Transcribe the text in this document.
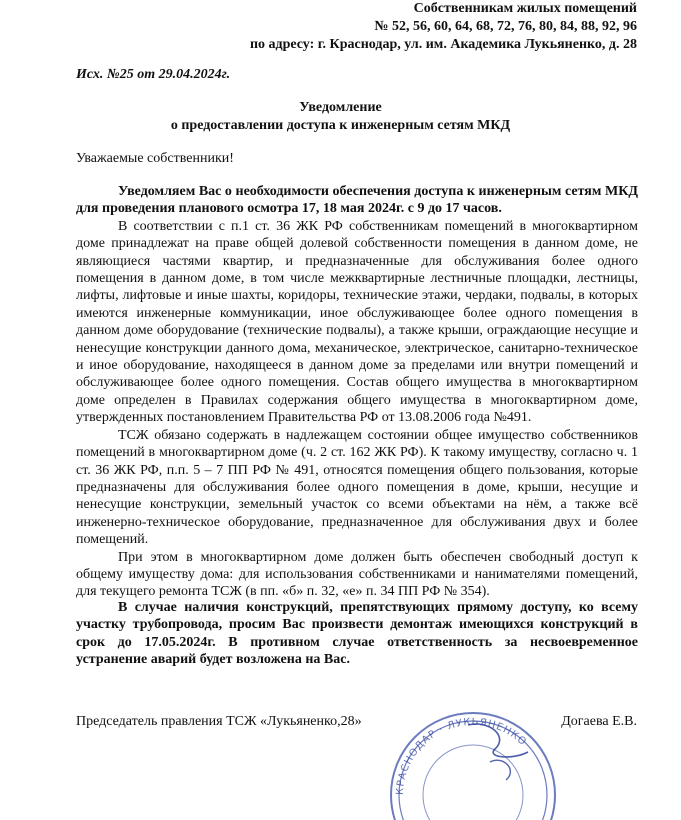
Собственникам жилых помещений
№ 52, 56, 60, 64, 68, 72, 76, 80, 84, 88, 92, 96
по адресу: г. Краснодар, ул. им. Академика Лукьяненко, д. 28
Исх. №25 от 29.04.2024г.
Уведомление
о предоставлении доступа к инженерным сетям МКД
Уважаемые собственники!

Уведомляем Вас о необходимости обеспечения доступа к инженерным сетям МКД для проведения планового осмотра 17, 18 мая 2024г. с 9 до 17 часов.

В соответствии с п.1 ст. 36 ЖК РФ собственникам помещений в многоквартирном доме принадлежат на праве общей долевой собственности помещения в данном доме, не являющиеся частями квартир, и предназначенные для обслуживания более одного помещения в данном доме, в том числе межквартирные лестничные площадки, лестницы, лифты, лифтовые и иные шахты, коридоры, технические этажи, чердаки, подвалы, в которых имеются инженерные коммуникации, иное обслуживающее более одного помещения в данном доме оборудование (технические подвалы), а также крыши, ограждающие несущие и ненесущие конструкции данного дома, механическое, электрическое, санитарно-техническое и иное оборудование, находящееся в данном доме за пределами или внутри помещений и обслуживающее более одного помещения. Состав общего имущества в многоквартирном доме определен в Правилах содержания общего имущества в многоквартирном доме, утвержденных постановлением Правительства РФ от 13.08.2006 года №491.

ТСЖ обязано содержать в надлежащем состоянии общее имущество собственников помещений в многоквартирном доме (ч. 2 ст. 162 ЖК РФ). К такому имуществу, согласно ч. 1 ст. 36 ЖК РФ, п.п. 5 – 7 ПП РФ № 491, относятся помещения общего пользования, которые предназначены для обслуживания более одного помещения в доме, крыши, несущие и ненесущие конструкции, земельный участок со всеми объектами на нём, а также всё инженерно-техническое оборудование, предназначенное для обслуживания двух и более помещений.

При этом в многоквартирном доме должен быть обеспечен свободный доступ к общему имуществу дома: для использования собственниками и нанимателями помещений, для текущего ремонта ТСЖ (в пп. «б» п. 32, «е» п. 34 ПП РФ № 354).

В случае наличия конструкций, препятствующих прямому доступу, ко всему участку трубопровода, просим Вас произвести демонтаж имеющихся конструкций в срок до 17.05.2024г. В противном случае ответственность за несвоевременное устранение аварий будет возложена на Вас.

КРАСНОДАР · ЛУКЬЯНЕНКО
Председатель правления ТСЖ «Лукьяненко,28»	Догаева Е.В.
